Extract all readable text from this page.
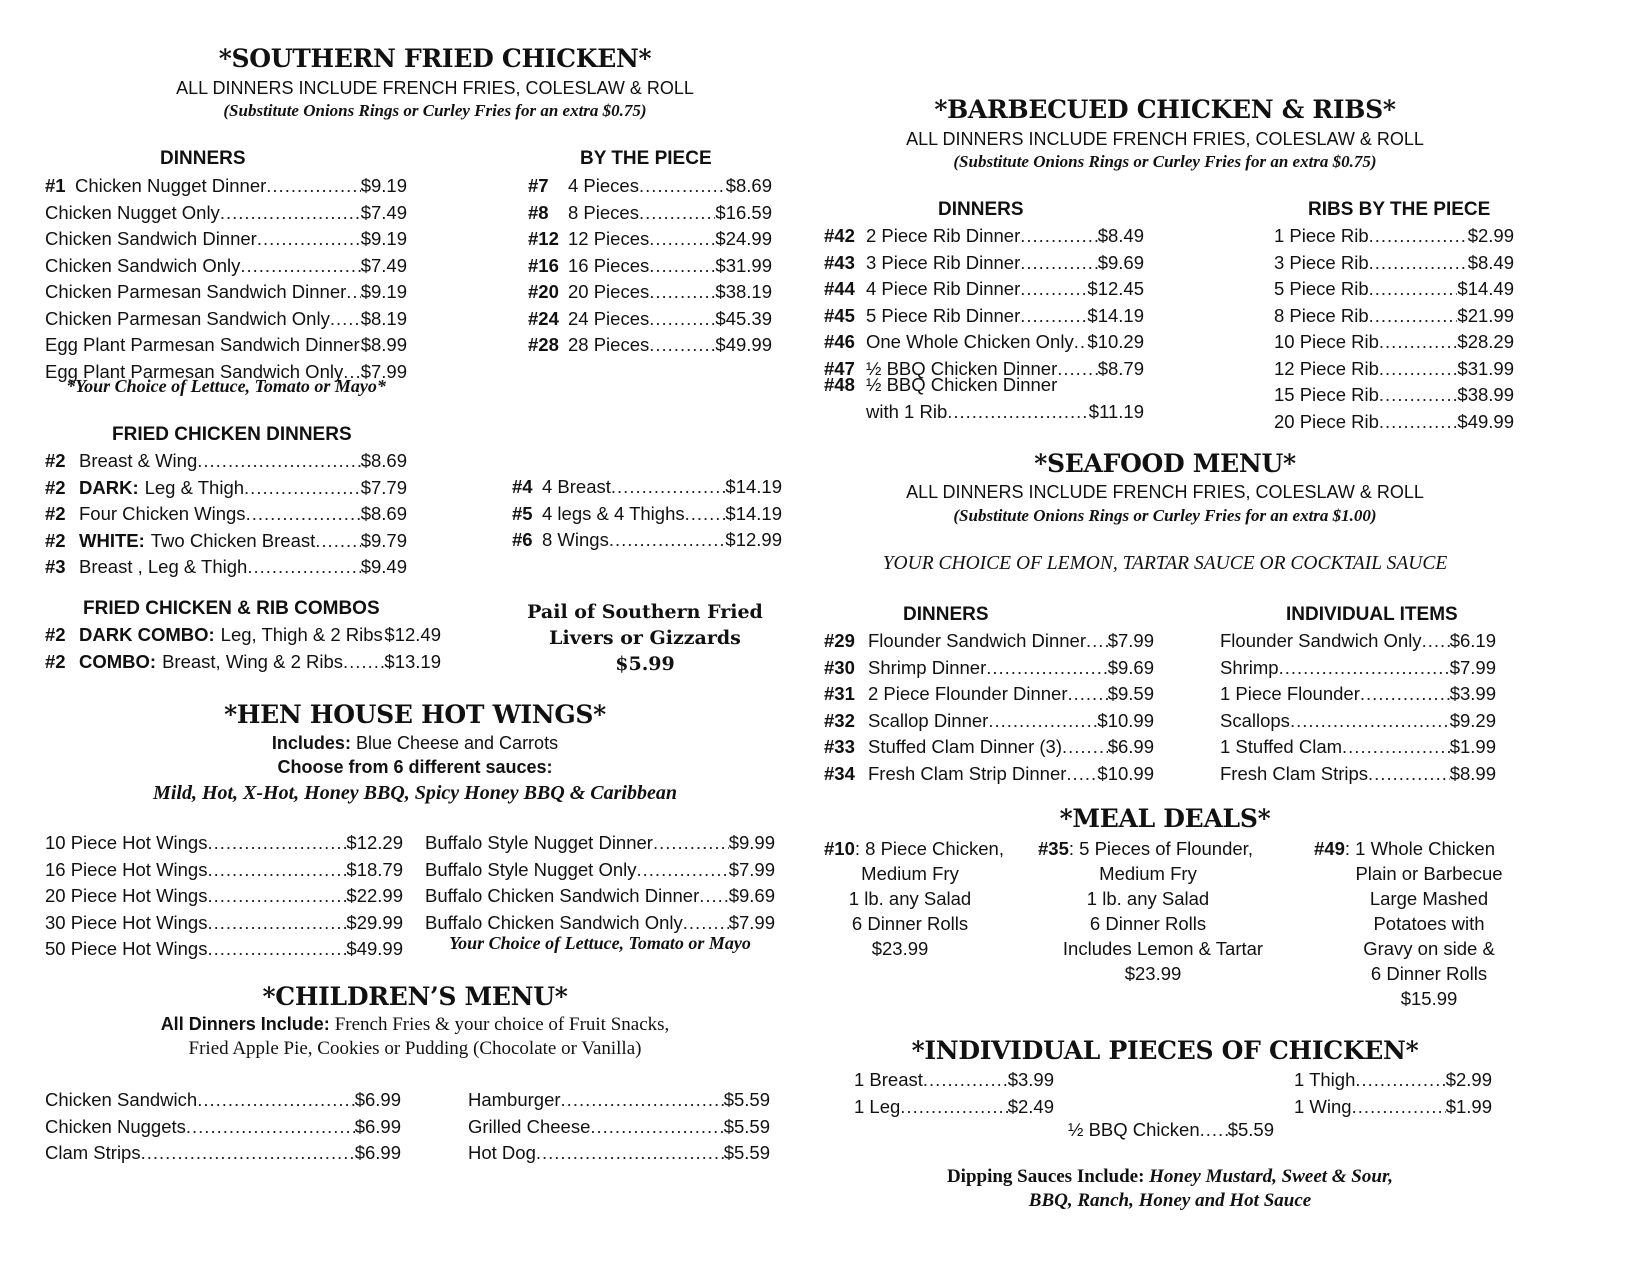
*SOUTHERN FRIED CHICKEN*
ALL DINNERS INCLUDE FRENCH FRIES, COLESLAW & ROLL
(Substitute Onions Rings or Curley Fries for an extra $0.75)
DINNERS
#1 Chicken Nugget Dinner .....	$9.19
Chicken Nugget Only .....	$7.49
Chicken Sandwich Dinner .....	$9.19
Chicken Sandwich Only .....	$7.49
Chicken Parmesan Sandwich Dinner ..... $9.19
Chicken Parmesan Sandwich Only ..... $8.19
Egg Plant Parmesan Sandwich Dinner ..... $8.99
Egg Plant Parmesan Sandwich Only ..... $7.99
*Your Choice of Lettuce, Tomato or Mayo*
BY THE PIECE
#7	4 Pieces .....	$8.69
#8	8 Pieces .....	$16.59
#12 12 Pieces .....	$24.99
#16 16 Pieces .....	$31.99
#20 20 Pieces .....	$38.19
#24 24 Pieces .....	$45.39
#28 28 Pieces .....	$49.99
FRIED CHICKEN DINNERS
#2 Breast & Wing .....	$8.69
#2 DARK: Leg & Thigh .....	$7.79
#2 Four Chicken Wings .....	$8.69
#2 WHITE: Two Chicken Breast ..... $9.79
#3 Breast , Leg & Thigh .....	$9.49
#4 4 Breast .....	$14.19
#5 4 legs & 4 Thighs ..... $14.19
#6 8 Wings .....	$12.99
FRIED CHICKEN & RIB COMBOS
#2 DARK COMBO: Leg, Thigh & 2 Ribs ..... $12.49
#2 COMBO: Breast, Wing & 2 Ribs ..... $13.19
Pail of Southern Fried
Livers or Gizzards
$5.99
*HEN HOUSE HOT WINGS*
Includes: Blue Cheese and Carrots
Choose from 6 different sauces:
Mild, Hot, X-Hot, Honey BBQ, Spicy Honey BBQ & Caribbean
10 Piece Hot Wings .....	$12.29
16 Piece Hot Wings .....	$18.79
20 Piece Hot Wings .....	$22.99
30 Piece Hot Wings .....	$29.99
50 Piece Hot Wings .....	$49.99
Buffalo Style Nugget Dinner .....	$9.99
Buffalo Style Nugget Only .....	$7.99
Buffalo Chicken Sandwich Dinner ..... $9.69
Buffalo Chicken Sandwich Only ..... $7.99
Your Choice of Lettuce, Tomato or Mayo
*CHILDREN’S MENU*
All Dinners Include: French Fries & your choice of Fruit Snacks,
Fried Apple Pie, Cookies or Pudding (Chocolate or Vanilla)
Chicken Sandwich .....	$6.99
Chicken Nuggets .....	$6.99
Clam Strips .....	$6.99
Hamburger .....	$5.59
Grilled Cheese .....	$5.59
Hot Dog .....	$5.59
*BARBECUED CHICKEN & RIBS*
ALL DINNERS INCLUDE FRENCH FRIES, COLESLAW & ROLL
(Substitute Onions Rings or Curley Fries for an extra $0.75)
DINNERS
#42 2 Piece Rib Dinner .....	$8.49
#43 3 Piece Rib Dinner .....	$9.69
#44 4 Piece Rib Dinner .....	$12.45
#45 5 Piece Rib Dinner .....	$14.19
#46 One Whole Chicken Only ..... $10.29
#47 ½ BBQ Chicken Dinner ..... $8.79
#48 ½ BBQ Chicken Dinner
with 1 Rib .....	$11.19
RIBS BY THE PIECE
1 Piece Rib .....	$2.99
3 Piece Rib .....	$8.49
5 Piece Rib .....	$14.49
8 Piece Rib .....	$21.99
10 Piece Rib .....	$28.29
12 Piece Rib .....	$31.99
15 Piece Rib .....	$38.99
20 Piece Rib .....	$49.99
*SEAFOOD MENU*
ALL DINNERS INCLUDE FRENCH FRIES, COLESLAW & ROLL
(Substitute Onions Rings or Curley Fries for an extra $1.00)
YOUR CHOICE OF LEMON, TARTAR SAUCE OR COCKTAIL SAUCE
DINNERS
#29 Flounder Sandwich Dinner ..... $7.99
#30 Shrimp Dinner .....	$9.69
#31 2 Piece Flounder Dinner ..... $9.59
#32 Scallop Dinner .....	$10.99
#33 Stuffed Clam Dinner (3) ..... $6.99
#34 Fresh Clam Strip Dinner ..... $10.99
INDIVIDUAL ITEMS
Flounder Sandwich Only ..... $6.19
Shrimp .....	$7.99
1 Piece Flounder .....	$3.99
Scallops .....	$9.29
1 Stuffed Clam .....	$1.99
Fresh Clam Strips .....	$8.99
*MEAL DEALS*
#10: 8 Piece Chicken,
Medium Fry
1 lb. any Salad
6 Dinner Rolls
$23.99
#35: 5 Pieces of Flounder,
Medium Fry
1 lb. any Salad
6 Dinner Rolls
Includes Lemon & Tartar
$23.99
#49: 1 Whole Chicken
Plain or Barbecue
Large Mashed
Potatoes with
Gravy on side &
6 Dinner Rolls
$15.99
*INDIVIDUAL PIECES OF CHICKEN*
1 Breast .....	$3.99
1 Leg .....	$2.49
1 Thigh .....	$2.99
1 Wing .....	$1.99
½ BBQ Chicken ..... $5.59
Dipping Sauces Include: Honey Mustard, Sweet & Sour,
BBQ, Ranch, Honey and Hot Sauce
